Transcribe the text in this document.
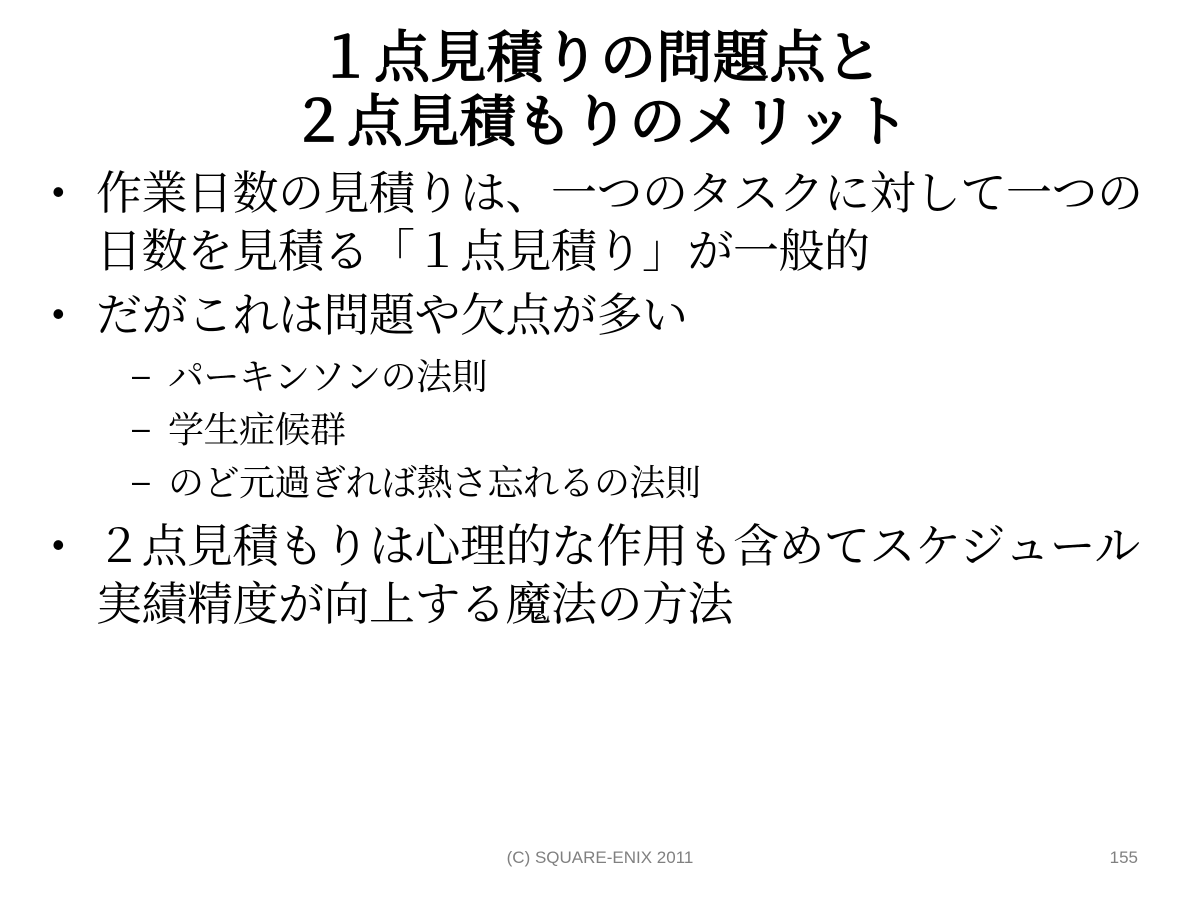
１点見積りの問題点と
２点見積もりのメリット
• 作業日数の見積りは、一つのタスクに対して一つの日数を見積る「１点見積り」が一般的
• だがこれは問題や欠点が多い
– パーキンソンの法則
– 学生症候群
– のど元過ぎれば熱さ忘れるの法則
• ２点見積もりは心理的な作用も含めてスケジュール実績精度が向上する魔法の方法
(C) SQUARE-ENIX 2011	155
